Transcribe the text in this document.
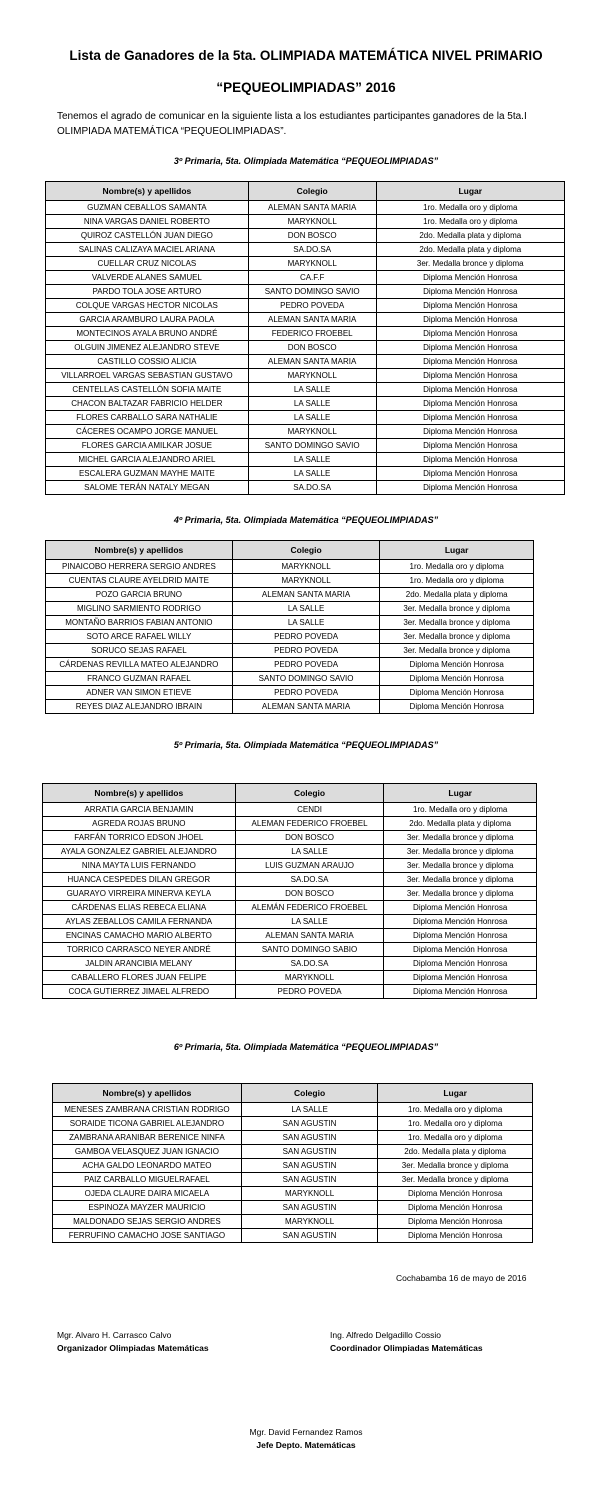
Lista de Ganadores de la 5ta. OLIMPIADA MATEMÁTICA NIVEL PRIMARIO
“PEQUEOLIMPIADAS” 2016
Tenemos el agrado de comunicar en la siguiente lista a los estudiantes participantes ganadores de la 5ta.I OLIMPIADA MATEMÁTICA “PEQUEOLIMPIADAS”.
3º Primaria, 5ta. Olimpiada Matemática “PEQUEOLIMPIADAS”
Nombre(s) y apellidos	Colegio	Lugar
GUZMAN CEBALLOS SAMANTA	ALEMAN SANTA MARIA	1ro. Medalla oro y diploma
NINA VARGAS DANIEL ROBERTO	MARYKNOLL	1ro. Medalla oro y diploma
QUIROZ CASTELLÓN JUAN DIEGO	DON BOSCO	2do. Medalla plata y diploma
SALINAS CALIZAYA MACIEL ARIANA	SA.DO.SA	2do. Medalla plata y diploma
CUELLAR CRUZ NICOLAS	MARYKNOLL	3er. Medalla bronce y diploma
VALVERDE ALANES SAMUEL	CA.F.F	Diploma Mención Honrosa
PARDO TOLA JOSE ARTURO	SANTO DOMINGO SAVIO	Diploma Mención Honrosa
COLQUE VARGAS HECTOR NICOLAS	PEDRO POVEDA	Diploma Mención Honrosa
GARCIA ARAMBURO LAURA PAOLA	ALEMAN SANTA MARIA	Diploma Mención Honrosa
MONTECINOS AYALA BRUNO ANDRÉ	FEDERICO FROEBEL	Diploma Mención Honrosa
OLGUIN JIMENEZ ALEJANDRO STEVE	DON BOSCO	Diploma Mención Honrosa
CASTILLO COSSIO ALICIA	ALEMAN SANTA MARIA	Diploma Mención Honrosa
VILLARROEL VARGAS SEBASTIAN GUSTAVO	MARYKNOLL	Diploma Mención Honrosa
CENTELLAS CASTELLÓN SOFIA MAITE	LA SALLE	Diploma Mención Honrosa
CHACON BALTAZAR FABRICIO HELDER	LA SALLE	Diploma Mención Honrosa
FLORES CARBALLO SARA NATHALIE	LA SALLE	Diploma Mención Honrosa
CÁCERES OCAMPO JORGE MANUEL	MARYKNOLL	Diploma Mención Honrosa
FLORES GARCIA AMILKAR JOSUE	SANTO DOMINGO SAVIO	Diploma Mención Honrosa
MICHEL GARCIA ALEJANDRO ARIEL	LA SALLE	Diploma Mención Honrosa
ESCALERA GUZMAN MAYHE MAITE	LA SALLE	Diploma Mención Honrosa
SALOME TERÁN NATALY MEGAN	SA.DO.SA	Diploma Mención Honrosa
4º Primaria, 5ta. Olimpiada Matemática “PEQUEOLIMPIADAS”
Nombre(s) y apellidos	Colegio	Lugar
PINAICOBO HERRERA SERGIO ANDRES	MARYKNOLL	1ro. Medalla oro y diploma
CUENTAS CLAURE AYELDRID MAITE	MARYKNOLL	1ro. Medalla oro y diploma
POZO GARCIA BRUNO	ALEMAN SANTA MARIA	2do. Medalla plata y diploma
MIGLINO SARMIENTO RODRIGO	LA SALLE	3er. Medalla bronce y diploma
MONTAÑO BARRIOS FABIAN ANTONIO	LA SALLE	3er. Medalla bronce y diploma
SOTO ARCE RAFAEL WILLY	PEDRO POVEDA	3er. Medalla bronce y diploma
SORUCO SEJAS RAFAEL	PEDRO POVEDA	3er. Medalla bronce y diploma
CÁRDENAS REVILLA MATEO ALEJANDRO	PEDRO POVEDA	Diploma Mención Honrosa
FRANCO GUZMAN RAFAEL	SANTO DOMINGO SAVIO	Diploma Mención Honrosa
ADNER VAN SIMON ETIEVE	PEDRO POVEDA	Diploma Mención Honrosa
REYES DIAZ ALEJANDRO IBRAIN	ALEMAN SANTA MARIA	Diploma Mención Honrosa
5º Primaria, 5ta. Olimpiada Matemática “PEQUEOLIMPIADAS”
Nombre(s) y apellidos	Colegio	Lugar
ARRATIA GARCIA BENJAMIN	CENDI	1ro. Medalla oro y diploma
AGREDA ROJAS BRUNO	ALEMAN FEDERICO FROEBEL	2do. Medalla plata y diploma
FARFÁN TORRICO EDSON JHOEL	DON BOSCO	3er. Medalla bronce y diploma
AYALA GONZALEZ GABRIEL ALEJANDRO	LA SALLE	3er. Medalla bronce y diploma
NINA MAYTA LUIS FERNANDO	LUIS GUZMAN ARAUJO	3er. Medalla bronce y diploma
HUANCA CESPEDES DILAN GREGOR	SA.DO.SA	3er. Medalla bronce y diploma
GUARAYO VIRREIRA MINERVA KEYLA	DON BOSCO	3er. Medalla bronce y diploma
CÁRDENAS ELIAS REBECA ELIANA	ALEMÁN FEDERICO FROEBEL	Diploma Mención Honrosa
AYLAS ZEBALLOS CAMILA FERNANDA	LA SALLE	Diploma Mención Honrosa
ENCINAS CAMACHO MARIO ALBERTO	ALEMAN SANTA MARIA	Diploma Mención Honrosa
TORRICO CARRASCO NEYER ANDRÉ	SANTO DOMINGO SABIO	Diploma Mención Honrosa
JALDIN ARANCIBIA MELANY	SA.DO.SA	Diploma Mención Honrosa
CABALLERO FLORES JUAN FELIPE	MARYKNOLL	Diploma Mención Honrosa
COCA GUTIERREZ JIMAEL ALFREDO	PEDRO POVEDA	Diploma Mención Honrosa
6º Primaria, 5ta. Olimpiada Matemática “PEQUEOLIMPIADAS”
Nombre(s) y apellidos	Colegio	Lugar
MENESES ZAMBRANA CRISTIAN RODRIGO	LA SALLE	1ro. Medalla oro y diploma
SORAIDE TICONA GABRIEL ALEJANDRO	SAN AGUSTIN	1ro. Medalla oro y diploma
ZAMBRANA ARANIBAR BERENICE NINFA	SAN AGUSTIN	1ro. Medalla oro y diploma
GAMBOA VELASQUEZ JUAN IGNACIO	SAN AGUSTIN	2do. Medalla plata y diploma
ACHA GALDO LEONARDO MATEO	SAN AGUSTIN	3er. Medalla bronce y diploma
PAIZ CARBALLO MIGUELRAFAEL	SAN AGUSTIN	3er. Medalla bronce y diploma
OJEDA CLAURE DAIRA MICAELA	MARYKNOLL	Diploma Mención Honrosa
ESPINOZA MAYZER MAURICIO	SAN AGUSTIN	Diploma Mención Honrosa
MALDONADO SEJAS SERGIO ANDRES	MARYKNOLL	Diploma Mención Honrosa
FERRUFINO CAMACHO JOSE SANTIAGO	SAN AGUSTIN	Diploma Mención Honrosa
Cochabamba 16 de mayo de 2016
Mgr. Alvaro H. Carrasco Calvo
Organizador Olimpiadas Matemáticas
Ing. Alfredo Delgadillo Cossio
Coordinador Olimpiadas Matemáticas
Mgr. David Fernandez Ramos
Jefe Depto. Matemáticas
